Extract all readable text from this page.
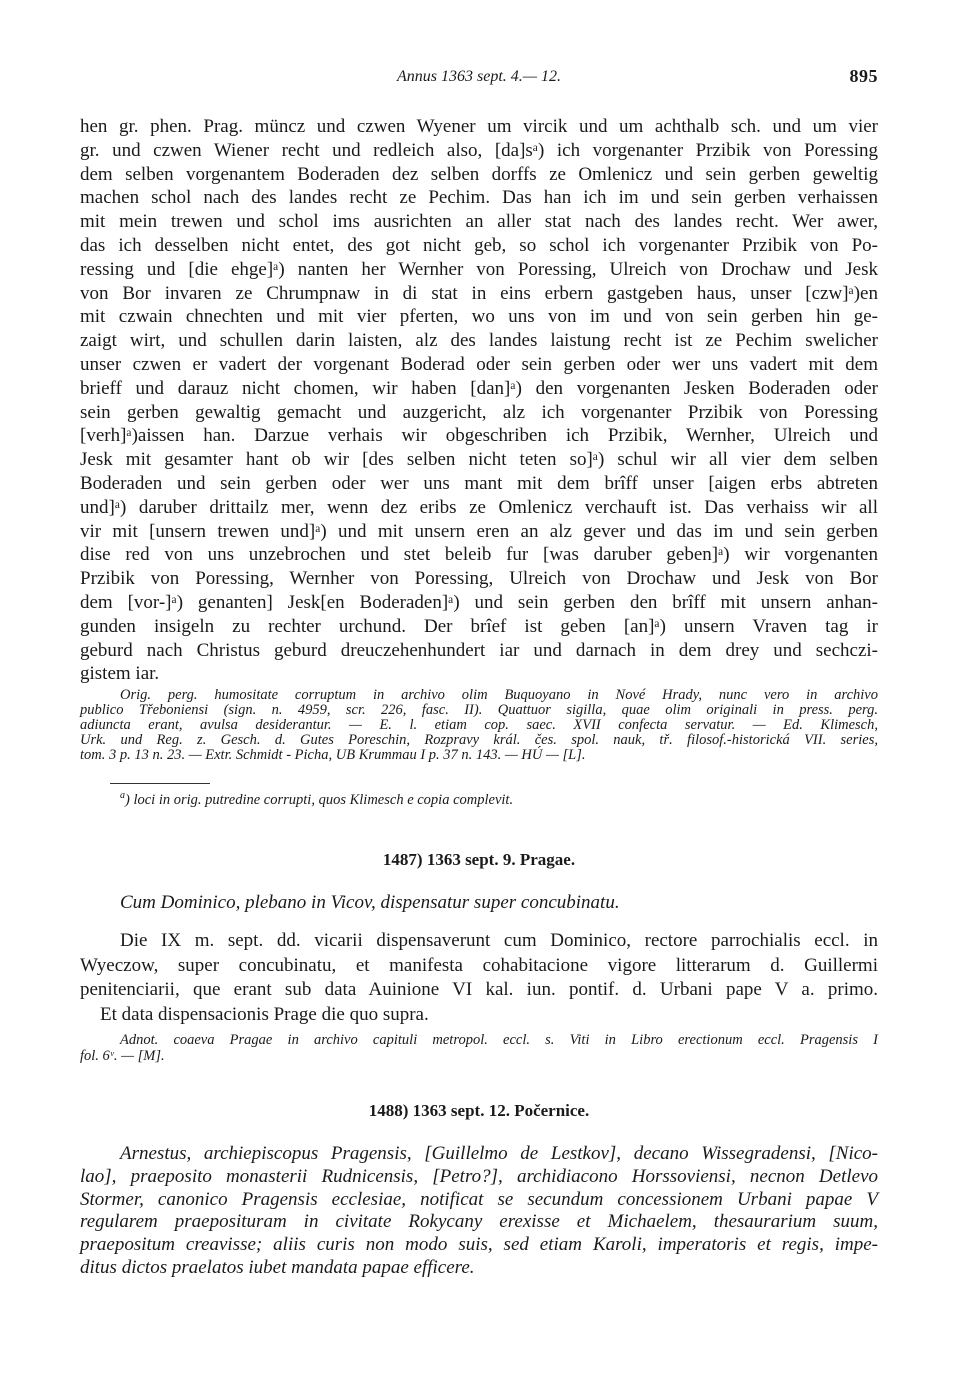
Annus 1363 sept. 4.— 12.	895

hen gr. phen. Prag. müncz und czwen Wyener um vircik und um achthalb sch. und um vier

gr. und czwen Wiener recht und redleich also, [da]sᵃ) ich vorgenanter Przibik von Poressing

dem selben vorgenantem Boderaden dez selben dorffs ze Omlenicz und sein gerben geweltig

machen schol nach des landes recht ze Pechim. Das han ich im und sein gerben verhaissen

mit mein trewen und schol ims ausrichten an aller stat nach des landes recht. Wer awer,

das ich desselben nicht entet, des got nicht geb, so schol ich vorgenanter Przibik von Po-

ressing und [die ehge]ᵃ) nanten her Wernher von Poressing, Ulreich von Drochaw und Jesk

von Bor invaren ze Chrumpnaw in di stat in eins erbern gastgeben haus, unser [czw]ᵃ)en

mit czwain chnechten und mit vier pferten, wo uns von im und von sein gerben hin ge-

zaigt wirt, und schullen darin laisten, alz des landes laistung recht ist ze Pechim swelicher

unser czwen er vadert der vorgenant Boderad oder sein gerben oder wer uns vadert mit dem

brieff und darauz nicht chomen, wir haben [dan]ᵃ) den vorgenanten Jesken Boderaden oder

sein gerben gewaltig gemacht und auzgericht, alz ich vorgenanter Przibik von Poressing

[verh]ᵃ)aissen han. Darzue verhais wir obgeschriben ich Przibik, Wernher, Ulreich und

Jesk mit gesamter hant ob wir [des selben nicht teten so]ᵃ) schul wir all vier dem selben

Boderaden und sein gerben oder wer uns mant mit dem brîff unser [aigen erbs abtreten

und]ᵃ) daruber drittailz mer, wenn dez eribs ze Omlenicz verchauft ist. Das verhaiss wir all

vir mit [unsern trewen und]ᵃ) und mit unsern eren an alz gever und das im und sein gerben

dise red von uns unzebrochen und stet beleib fur [was daruber geben]ᵃ) wir vorgenanten

Przibik von Poressing, Wernher von Poressing, Ulreich von Drochaw und Jesk von Bor

dem [vor-]ᵃ) genanten] Jesk[en Boderaden]ᵃ) und sein gerben den brîff mit unsern anhan-

gunden insigeln zu rechter urchund. Der brîef ist geben [an]ᵃ) unsern Vraven tag ir

geburd nach Christus geburd dreuczehenhundert iar und darnach in dem drey und sechczi-

gistem iar.

Orig. perg. humositate corruptum in archivo olim Buquoyano in Nové Hrady, nunc vero in archivo

publico Třeboniensi (sign. n. 4959, scr. 226, fasc. II). Quattuor sigilla, quae olim originali in press. perg.

adiuncta erant, avulsa desiderantur. — E. l. etiam cop. saec. XVII confecta servatur. — Ed. Klimesch,

Urk. und Reg. z. Gesch. d. Gutes Poreschin, Rozpravy král. čes. spol. nauk, tř. filosof.-historická VII. series,

tom. 3 p. 13 n. 23. — Extr. Schmidt - Picha, UB Krummau I p. 37 n. 143. — HÚ — [L].

$^a$) loci in orig. putredine corrupti, quos Klimesch e copia complevit.
1487) 1363 sept. 9. Pragae.

Cum Dominico, plebano in Vicov, dispensatur super concubinatu.

Die IX m. sept. dd. vicarii dispensaverunt cum Dominico, rectore parrochialis eccl. in

Wyeczow, super concubinatu, et manifesta cohabitacione vigore litterarum d. Guillermi

penitenciarii, que erant sub data Auinione VI kal. iun. pontif. d. Urbani pape V a. primo.

Et data dispensacionis Prage die quo supra.

Adnot. coaeva Pragae in archivo capituli metropol. eccl. s. Viti in Libro erectionum eccl. Pragensis I

fol. 6ᵛ. — [M].

1488) 1363 sept. 12. Počernice.

Arnestus, archiepiscopus Pragensis, [Guillelmo de Lestkov], decano Wissegradensi, [Nico-

lao], praeposito monasterii Rudnicensis, [Petro?], archidiacono Horssoviensi, necnon Detlevo

Stormer, canonico Pragensis ecclesiae, notificat se secundum concessionem Urbani papae V

regularem praeposituram in civitate Rokycany erexisse et Michaelem, thesaurarium suum,

praepositum creavisse; aliis curis non modo suis, sed etiam Karoli, imperatoris et regis, impe-

ditus dictos praelatos iubet mandata papae efficere.
